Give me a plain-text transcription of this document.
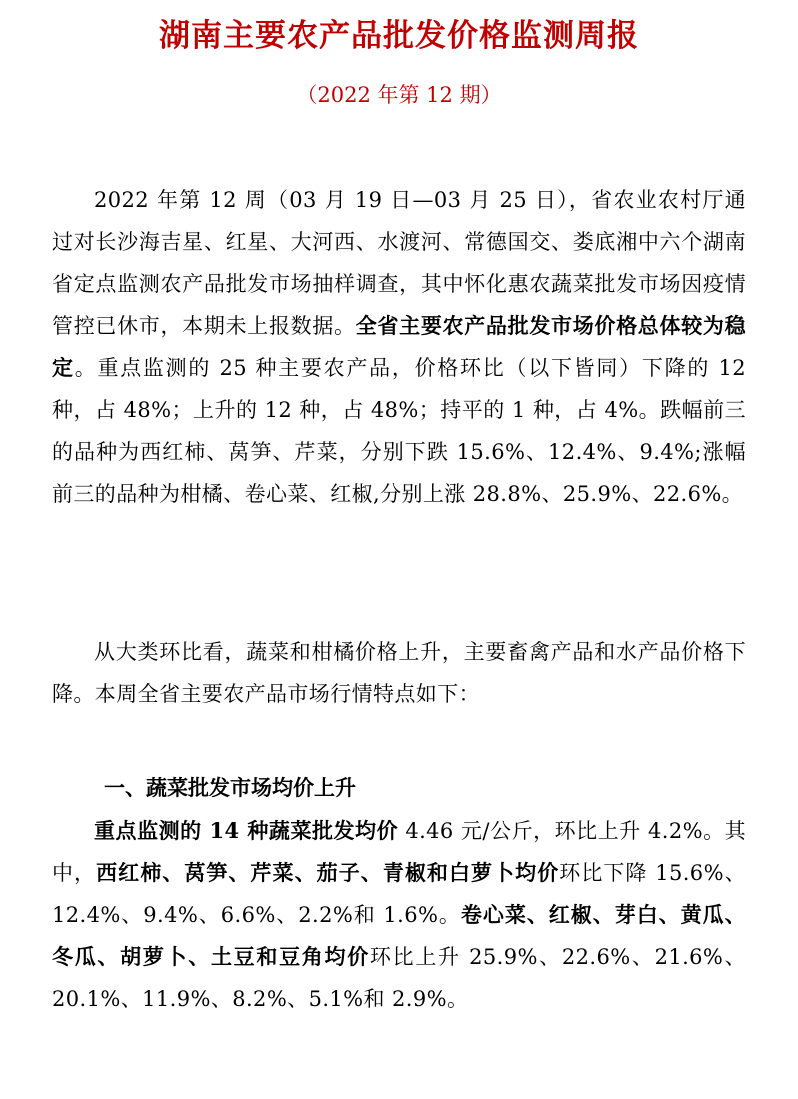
湖南主要农产品批发价格监测周报
（2022 年第 12 期）

2022 年第 12 周（03 月 19 日—03 月 25 日），省农业农村厅通过对长沙海吉星、红星、大河西、水渡河、常德国交、娄底湘中六个湖南省定点监测农产品批发市场抽样调查，其中怀化惠农蔬菜批发市场因疫情管控已休市，本期未上报数据。全省主要农产品批发市场价格总体较为稳定。重点监测的 25 种主要农产品，价格环比（以下皆同）下降的 12 种，占 48%；上升的 12 种，占 48%；持平的 1 种，占 4%。跌幅前三的品种为西红柿、莴笋、芹菜，分别下跌 15.6%、12.4%、9.4%;涨幅前三的品种为柑橘、卷心菜、红椒,分别上涨 28.8%、25.9%、22.6%。

从大类环比看，蔬菜和柑橘价格上升，主要畜禽产品和水产品价格下降。本周全省主要农产品市场行情特点如下：

一、蔬菜批发市场均价上升

重点监测的 14 种蔬菜批发均价 4.46 元/公斤，环比上升 4.2%。其中，西红柿、莴笋、芹菜、茄子、青椒和白萝卜均价环比下降 15.6%、12.4%、9.4%、6.6%、2.2%和 1.6%。卷心菜、红椒、芽白、黄瓜、冬瓜、胡萝卜、土豆和豆角均价环比上升 25.9%、22.6%、21.6%、20.1%、11.9%、8.2%、5.1%和 2.9%。
